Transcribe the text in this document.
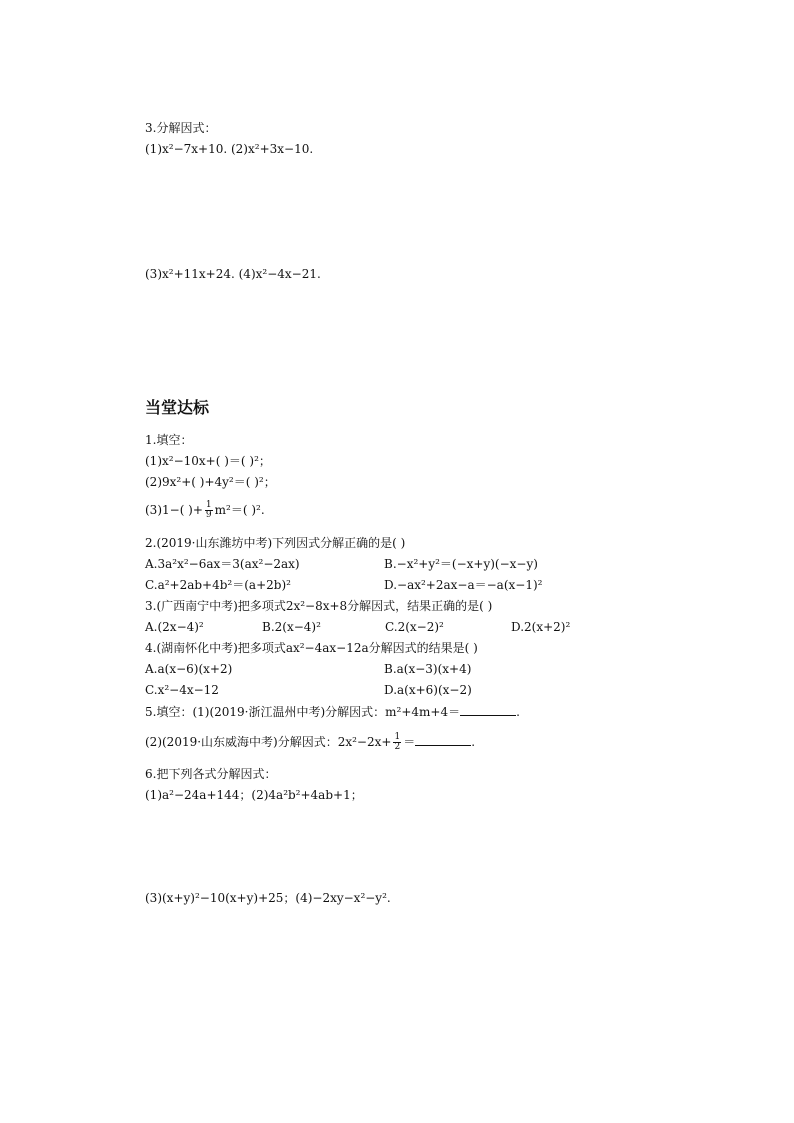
3.分解因式：
(1)x²−7x+10. (2)x²+3x−10.
(3)x²+11x+24. (4)x²−4x−21.
当堂达标
1.填空：
(1)x²−10x+( )＝( )²；
(2)9x²+( )+4y²＝( )²；
(3)1−( )+ $\frac{1}{9} m^2=$( )².
2.(2019·山东潍坊中考)下列因式分解正确的是( )
A.3a²x²−6ax＝3(ax²−2ax)	B.−x²+y²＝(−x+y)(−x−y)
C.a²+2ab+4b²＝(a+2b)²	D.−ax²+2ax−a＝−a(x−1)²
3.(广西南宁中考)把多项式2x²−8x+8分解因式，结果正确的是( )
A.(2x−4)²	B.2(x−4)²	C.2(x−2)²	D.2(x+2)²
4.(湖南怀化中考)把多项式ax²−4ax−12a分解因式的结果是( )
A.a(x−6)(x+2)	B.a(x−3)(x+4)
C.x²−4x−12	D.a(x+6)(x−2)
5.填空：(1)(2019·浙江温州中考)分解因式：m²+4m+4＝	.
(2)(2019·山东威海中考)分解因式：$2x^2-2x+ \frac{1}{2}$ ＝	.
6.把下列各式分解因式：
(1)a²−24a+144；(2)4a²b²+4ab+1；
(3)(x+y)²−10(x+y)+25；(4)−2xy−x²−y².
